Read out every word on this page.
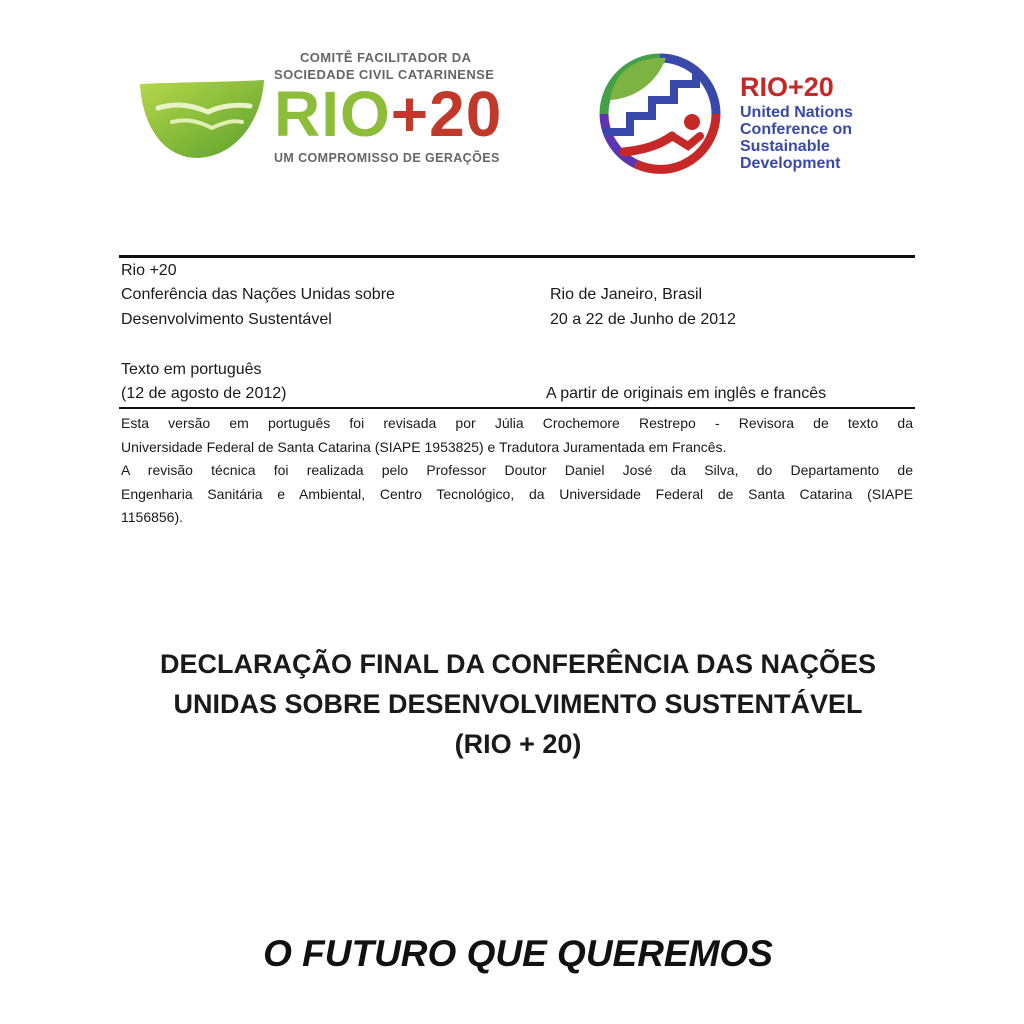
COMITÊ FACILITADOR DA
SOCIEDADE CIVIL CATARINENSE
RIO+20
UM COMPROMISSO DE GERAÇÕES
RIO+20
United Nations
Conference on
Sustainable
Development
Rio +20
Conferência das Nações Unidas sobre
Desenvolvimento Sustentável
Rio de Janeiro, Brasil
20 a 22 de Junho de 2012
Texto em português
(12 de agosto de 2012)	A partir de originais em inglês e francês
Esta versão em português foi revisada por Júlia Crochemore Restrepo - Revisora de texto da
Universidade Federal de Santa Catarina (SIAPE 1953825) e Tradutora Juramentada em Francês.
A revisão técnica foi realizada pelo Professor Doutor Daniel José da Silva, do Departamento de
Engenharia Sanitária e Ambiental, Centro Tecnológico, da Universidade Federal de Santa Catarina (SIAPE
1156856).
DECLARAÇÃO FINAL DA CONFERÊNCIA DAS NAÇÕES
UNIDAS SOBRE DESENVOLVIMENTO SUSTENTÁVEL
(RIO + 20)
O FUTURO QUE QUEREMOS
